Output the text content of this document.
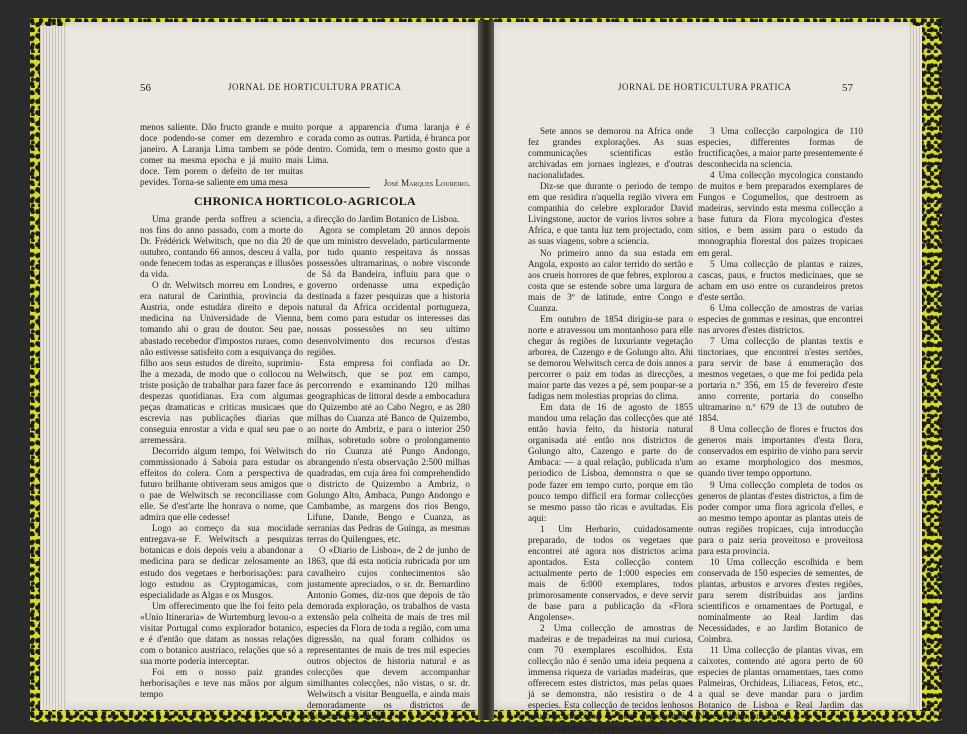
56	JORNAL DE HORTICULTURA PRATICA

menos saliente. Dão fructo grande e muito doce podendo-se comer em dezembro e janeiro. A Laranja Lima tambem se póde comer na mesma epocha e já muito mais doce. Tem porem o defeito de ter muitas pevides. Torna-se saliente em uma mesa

porque a apparencia d'uma laranja é é corada como as outras. Partida, é branca por dentro. Comida, tem o mesmo gosto que a Lima.

José Marques Loureiro.

CHRONICA HORTICOLO-AGRICOLA

Uma grande perda soffreu a sciencia, nos fins do anno passado, com a morte do Dr. Frédérick Welwitsch, que no dia 20 de outubro, contando 66 annos, desceu á valla, onde fenecem todas as esperanças e illusões da vida.

O dr. Welwitsch morreu em Londres, e era natural de Carinthia, provincia da Austria, onde estudára direito e depois medicina na Universidade de Vienna, tomando ahi o grau de doutor. Seu pae, abastado recebedor d'impostos ruraes, como não estivesse satisfeito com a esquivança do filho aos seus estudos de direito, suprimiu-lhe a mezada, de modo que o collocou na triste posição de trabalhar para fazer face ás despezas quotidianas. Era com algumas peças dramaticas e criticas musicaes que escrevia nas publicações diarias que conseguia enrostar a vida e qual seu pae o arremessára.

Decorrido algum tempo, foi Welwitsch commissionado á Saboia para estudar os effeitos do colera. Com a perspectiva de futuro brilhante obtiveram seus amigos que o pae de Welwitsch se reconciliasse com elle. Se d'est'arte lhe honrava o nome, que admira que elle cedesse!

Logo ao começo da sua mocidade entregava-se F. Welwitsch a pesquizas botanicas e dois depois veiu a abandonar a medicina para se dedicar zelosamente ao estudo dos vegetaes e herborisações: para logo estudou as Cryptogamicas, com especialidade as Algas e os Musgos.

Um offerecimento que lhe foi feito pela «Unio Itineraria» de Wurtemburg levou-o a visitar Portugal como explorador botanico, e é d'então que datam as nossas relações com o botanico austriaco, relações que só a sua morte poderia interceptar.

Foi em o nosso paiz grandes herborisações e teve nas mãos por algum tempo

a direcção do Jardim Botanico de Lisboa.

Agora se completam 20 annos depois que um ministro desvelado, particularmente por tudo quanto respeitava ás nossas possessões ultramarinas, o nobre visconde de Sá da Bandeira, influiu para que o governo ordenasse uma expedição destinada a fazer pesquizas que a historia natural da Africa occidental portugueza, bem como para estudar os interesses das nossas possessões no seu ultimo desenvolvimento dos recursos d'estas regiões.

Esta empresa foi confiada ao Dr. Welwitsch, que se poz em campo, percorrendo e examinando 120 milhas geographicas de littoral desde a embocadura do Quizembo até ao Cabo Negro, e as 280 milhas do Cuanza até Banco de Quizembo, ao norte do Ambriz, e para o interior 250 milhas, sobretudo sobre o prolongamento do rio Cuanza até Pungo Andongo, abrangendo n'esta observação 2:500 milhas quadradas, em cuja área foi comprehendido o districto de Quizembo a Ambriz, o Golungo Alto, Ambaca, Pungo Andongo e Cambambe, as margens dos rios Bengo, Lifune, Dande, Bengo e Cuanza, as serranias das Pedras de Guinga, as mesmas terras do Quilengues, etc.

O «Diario de Lisboa», de 2 de junho de 1863, que dá esta noticia rubricada por um cavalheiro cujos conhecimentos são justamente apreciados, o sr. dr. Bernardino Antonio Gomes, diz-nos que depois de tão demorada exploração, os trabalhos de vasta extensão pela colheita de mais de tres mil especies da Flora de toda a região, com uma digressão, na qual foram colhidos os representantes de mais de tres mil especies outros objectos de historia natural e as colecções que devem accompanhar similhantes colecções, não vistas, o sr. dr. Welwitsch a visitar Benguella, e ainda mais demoradamente os districtos de Mossamedes e Huilla.

JORNAL DE HORTICULTURA PRATICA	57

Sete annos se demorou na Africa onde fez grandes explorações. As suas communicações scientificas estão archivadas em jornaes inglezes, e d'outras nacionalidades.

Diz-se que durante o periodo de tempo em que residira n'aquella região vivera em companhia do celebre explorador David Livingstone, auctor de varios livros sobre a Africa, e que tanta luz tem projectado, com as suas viagens, sobre a sciencia.

No primeiro anno da sua estada em Angola, exposto ao calor terrido do sertão e aos crueis horrores de que febres, explorou a costa que se estende sobre uma largura de mais de 3º de latitude, entre Congo e Cuanza.

Em outubro de 1854 dirigiu-se para o norte e atravessou um montanhoso para elle chegar ás regiões de luxuriante vegetação arborea, de Cazengo e de Golungo alto. Ahi se demorou Welwitsch cerca de dois annos a percorrer o paiz em todas as direcções, a maior parte das vezes a pé, sem poupar-se a fadigas nem molestias proprias do clima.

Em data de 16 de agosto de 1855 mandou uma relação das collecções que até então havia feito, da historia natural organisada até então nos districtos de Golungo alto, Cazengo e parte do de Ambaca: — a qual relação, publicada n'um periodico de Lisboa, demonstra o que se pode fazer em tempo curto, porque em tão pouco tempo difficil era formar collecções se mesmo passo tão ricas e avultadas. Eis aqui:

1 Um Herbario, cuidadosamente preparado, de todos os vegetaes que encontrei até agora nos districtos acima apontados. Esta collecção contem actualmente perto de 1:000 especies em mais de 6:000 exemplares, todos primorosamente conservados, e deve servir de base para a publicação da «Flora Angolense».

2 Uma collecção de amostras de madeiras e de trepadeiras na mui curiosa, com 70 exemplares escolhidos. Esta collecção não é senão uma ideia pequena a immensa riqueza de variadas madeiras, que offerecem estes districtos, mas pelas quaes já se demonstra, não resistira o de 4 especies. Esta collecção de tecidos lenhosos pouco conhecidos e bem representados respectivamente a arvores tropicaes.

3 Uma collecção carpologica de 110 especies, differentes formas de fructificações, a maior parte presentemente é desconhecida na sciencia.

4 Uma collecção mycologica constando de muitos e bem preparados exemplares de Fungos e Cogumellos, que destroem as madeiras, servindo esta mesma collecção a base futura da Flora mycologica d'estes sitios, e bem assim para o estudo da monographia florestal dos paizes tropicaes em geral.

5 Uma collecção de plantas e raizes, cascas, paus, e fructos medicinaes, que se acham em uso entre os curandeiros pretos d'este sertão.

6 Uma collecção de amostras de varias especies de gommas e resinas, que encontrei nas arvores d'estes districtos.

7 Uma collecção de plantas textis e tinctoriaes, que encontrei n'estes sertões, para servir de base á enumeração dos mesmos vegetaes, o que me foi pedida pela portaria n.º 356, em 15 de fevereiro d'este anno corrente, portaria do conselho ultramarino n.º 679 de 13 de outubro de 1854.

8 Uma collecção de flores e fructos dos generos mais importantes d'esta flora, conservados em espirito de vinho para servir ao exame morphologico dos mesmos, quando tiver tempo opportuno.

9 Uma collecção completa de todos os generos de plantas d'estes districtos, a fim de poder compor uma flora agricola d'elles, e ao mesmo tempo apontar as plantas uteis de outras regiões tropicaes, cuja introducção para o paiz seria proveitoso e proveitosa para esta provincia.

10 Uma collecção escolhida e bem conservada de 150 especies de sementes, de plantas, arbustos e arvores d'estes regiões, para serem distribuidas aos jardins scientificos e ornamentaes de Portugal, e nominalmente ao Real Jardim das Necessidades, e ao Jardim Botanico de Coimbra.

11 Uma collecção de plantas vivas, em caixotes, contendo até agora perto de 60 especies de plantas ornamentaes, taes como Palmeiras, Orchideas, Liliaceas, Fetos, etc., a qual se deve mandar para o jardim Botanico de Lisboa e Real Jardim das Necessidades, em Lisboa.
